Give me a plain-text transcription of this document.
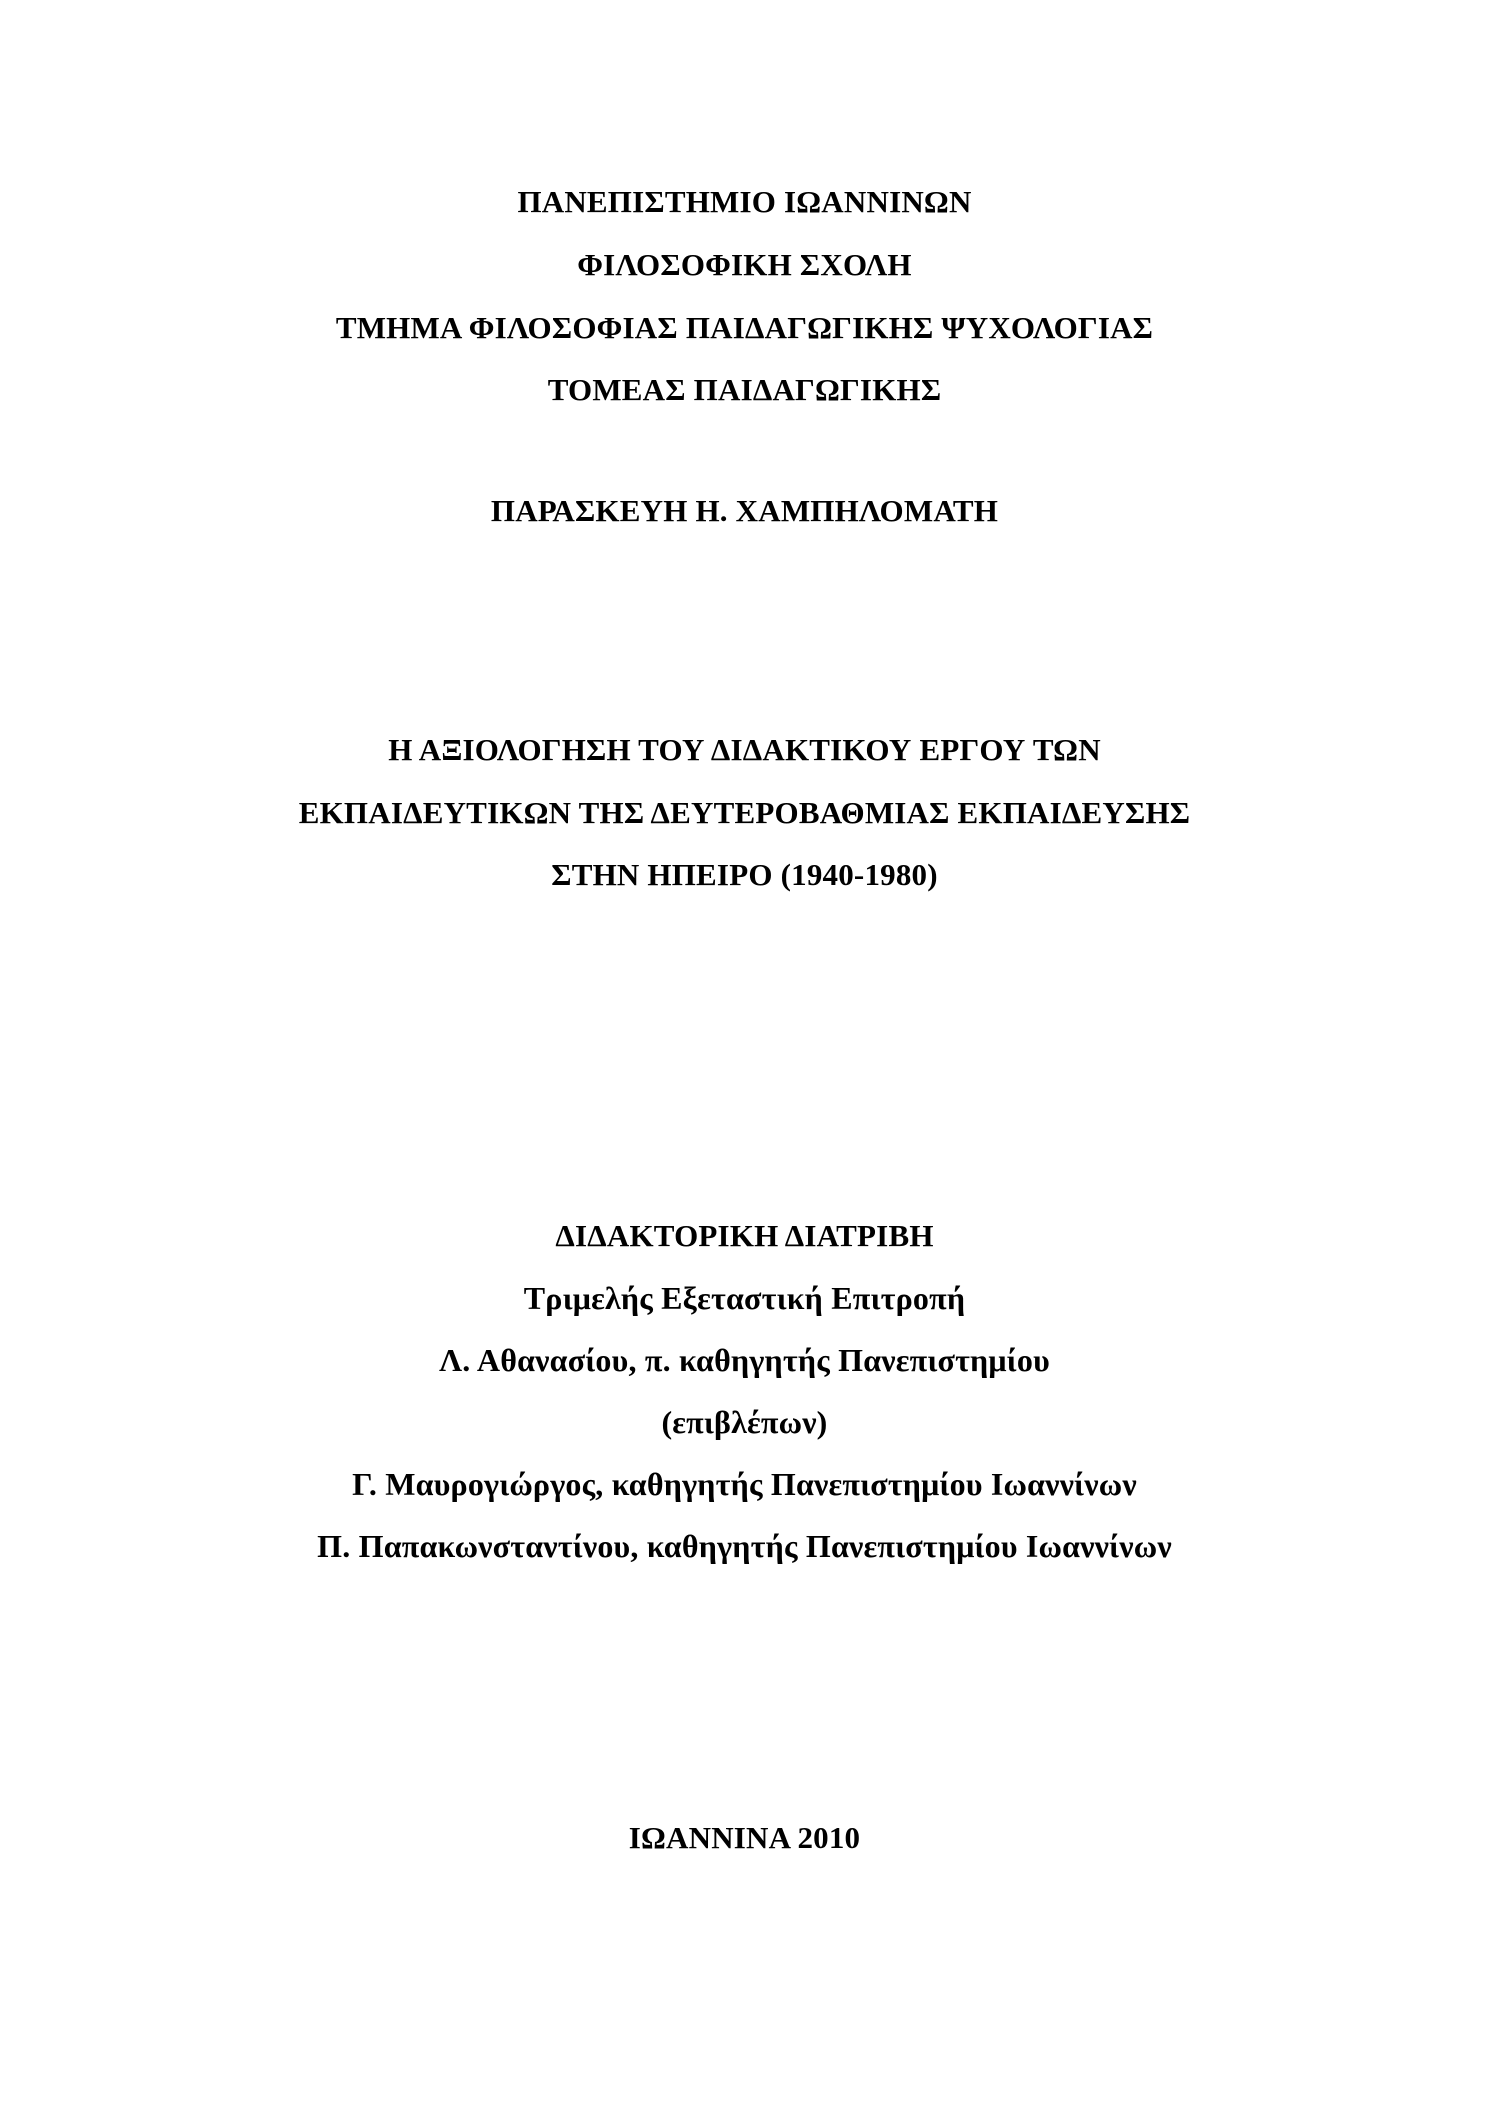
ΠΑΝΕΠΙΣΤΗΜΙΟ ΙΩΑΝΝΙΝΩΝ
ΦΙΛΟΣΟΦΙΚΗ ΣΧΟΛΗ
ΤΜΗΜΑ ΦΙΛΟΣΟΦΙΑΣ ΠΑΙΔΑΓΩΓΙΚΗΣ ΨΥΧΟΛΟΓΙΑΣ
ΤΟΜΕΑΣ ΠΑΙΔΑΓΩΓΙΚΗΣ
ΠΑΡΑΣΚΕΥΗ Η. ΧΑΜΠΗΛΟΜΑΤΗ
Η ΑΞΙΟΛΟΓΗΣΗ ΤΟΥ ΔΙΔΑΚΤΙΚΟΥ ΕΡΓΟΥ ΤΩΝ
ΕΚΠΑΙΔΕΥΤΙΚΩΝ ΤΗΣ ΔΕΥΤΕΡΟΒΑΘΜΙΑΣ ΕΚΠΑΙΔΕΥΣΗΣ
ΣΤΗΝ ΗΠΕΙΡΟ (1940-1980)
ΔΙΔΑΚΤΟΡΙΚΗ ΔΙΑΤΡΙΒΗ
Τριμελής Εξεταστική Επιτροπή
Λ. Αθανασίου, π. καθηγητής Πανεπιστημίου
(επιβλέπων)
Γ. Μαυρογιώργος, καθηγητής Πανεπιστημίου Ιωαννίνων
Π. Παπακωνσταντίνου, καθηγητής Πανεπιστημίου Ιωαννίνων
ΙΩΑΝΝΙΝΑ 2010
